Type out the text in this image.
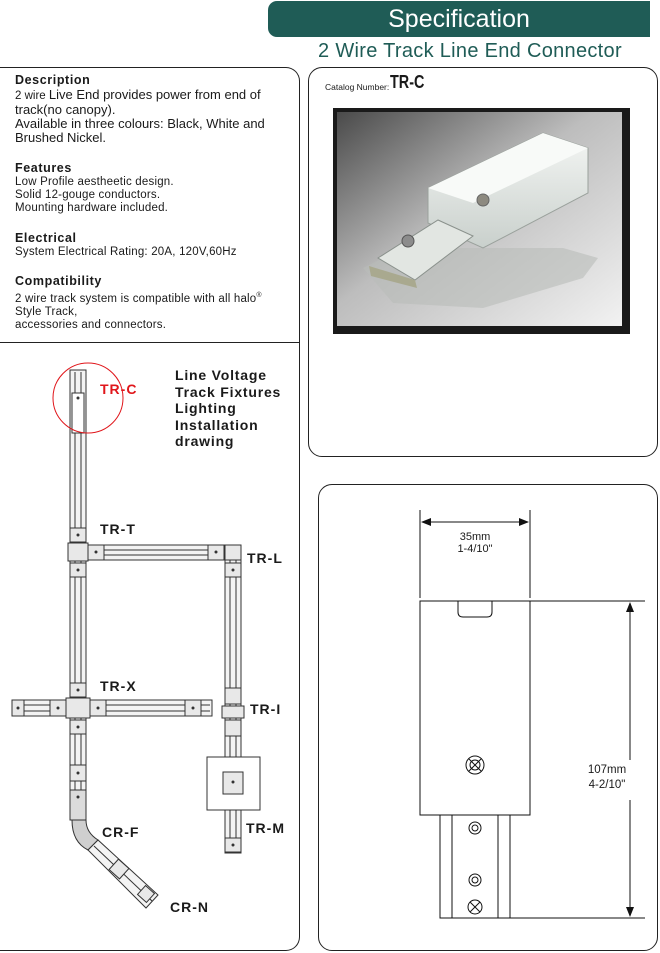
Specification
2 Wire Track Line End Connector

Description

2 wire Live End provides power from end of

track(no canopy).

Available in three colours: Black, White and

Brushed Nickel.

Features

Low Profile aestheetic design.

Solid 12-gouge conductors.

Mounting hardware included.

Electrical

System Electrical Rating: 20A, 120V,60Hz

Compatibility

2 wire track system is compatible with all halo®

Style Track,

accessories and connectors.

Catalog Number: TR-C
Line Voltage
Track Fixtures
Lighting
Installation
drawing
TR-C
TR-T
TR-L
TR-X
TR-I
TR-M
CR-F
CR-N
35mm
1-4/10"
107mm
4-2/10"
